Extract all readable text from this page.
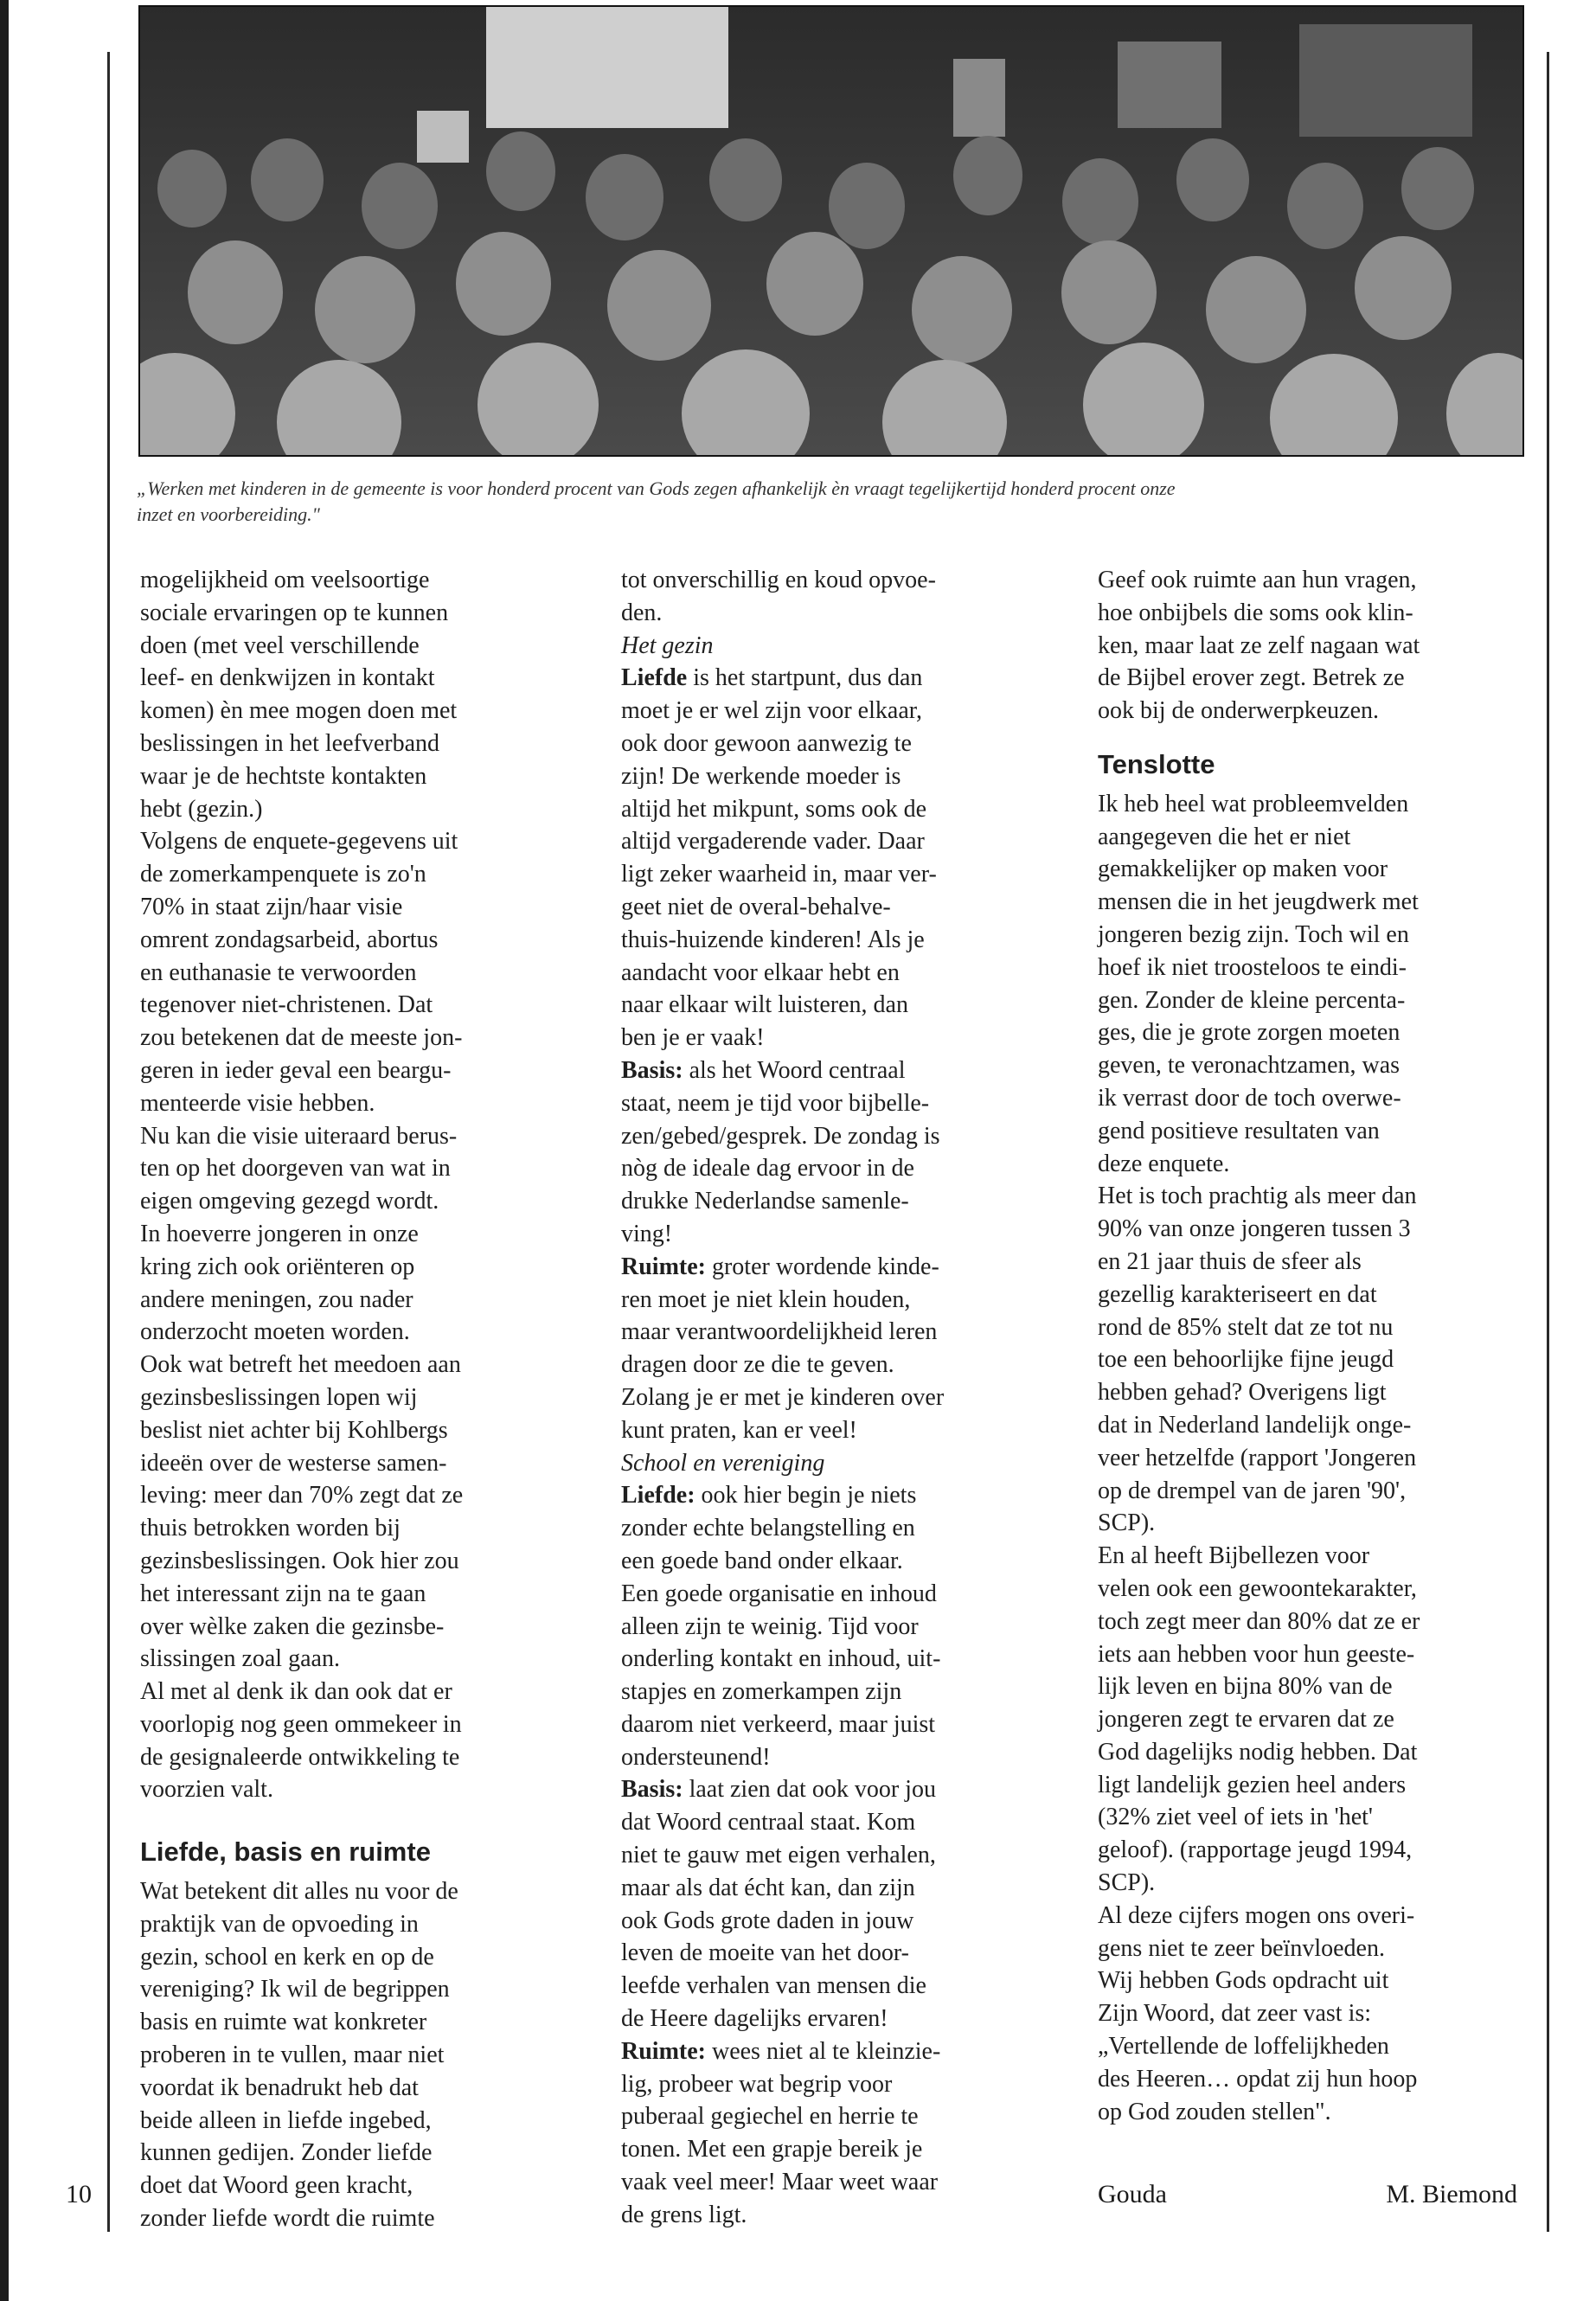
„Werken met kinderen in de gemeente is voor honderd procent van Gods zegen afhankelijk èn vraagt tegelijkertijd honderd procent onze
inzet en voorbereiding."

mogelijkheid om veelsoortige
sociale ervaringen op te kunnen
doen (met veel verschillende
leef- en denkwijzen in kontakt
komen) èn mee mogen doen met
beslissingen in het leefverband
waar je de hechtste kontakten
hebt (gezin.)

Volgens de enquete-gegevens uit
de zomerkampenquete is zo'n
70% in staat zijn/haar visie
omrent zondagsarbeid, abortus
en euthanasie te verwoorden
tegenover niet-christenen. Dat
zou betekenen dat de meeste jon-
geren in ieder geval een beargu-
menteerde visie hebben.

Nu kan die visie uiteraard berus-
ten op het doorgeven van wat in
eigen omgeving gezegd wordt.
In hoeverre jongeren in onze
kring zich ook oriënteren op
andere meningen, zou nader
onderzocht moeten worden.

Ook wat betreft het meedoen aan
gezinsbeslissingen lopen wij
beslist niet achter bij Kohlbergs
ideeën over de westerse samen-
leving: meer dan 70% zegt dat ze
thuis betrokken worden bij
gezinsbeslissingen. Ook hier zou
het interessant zijn na te gaan
over wèlke zaken die gezinsbe-
slissingen zoal gaan.

Al met al denk ik dan ook dat er
voorlopig nog geen ommekeer in
de gesignaleerde ontwikkeling te
voorzien valt.

Liefde, basis en ruimte

Wat betekent dit alles nu voor de
praktijk van de opvoeding in
gezin, school en kerk en op de
vereniging? Ik wil de begrippen
basis en ruimte wat konkreter
proberen in te vullen, maar niet
voordat ik benadrukt heb dat
beide alleen in liefde ingebed,
kunnen gedijen. Zonder liefde
doet dat Woord geen kracht,
zonder liefde wordt die ruimte

tot onverschillig en koud opvoe-
den.

Het gezin

Liefde is het startpunt, dus dan
moet je er wel zijn voor elkaar,
ook door gewoon aanwezig te
zijn! De werkende moeder is
altijd het mikpunt, soms ook de
altijd vergaderende vader. Daar
ligt zeker waarheid in, maar ver-
geet niet de overal-behalve-
thuis-huizende kinderen! Als je
aandacht voor elkaar hebt en
naar elkaar wilt luisteren, dan
ben je er vaak!

Basis: als het Woord centraal
staat, neem je tijd voor bijbelle-
zen/gebed/gesprek. De zondag is
nòg de ideale dag ervoor in de
drukke Nederlandse samenle-
ving!

Ruimte: groter wordende kinde-
ren moet je niet klein houden,
maar verantwoordelijkheid leren
dragen door ze die te geven.
Zolang je er met je kinderen over
kunt praten, kan er veel!

School en vereniging

Liefde: ook hier begin je niets
zonder echte belangstelling en
een goede band onder elkaar.
Een goede organisatie en inhoud
alleen zijn te weinig. Tijd voor
onderling kontakt en inhoud, uit-
stapjes en zomerkampen zijn
daarom niet verkeerd, maar juist
ondersteunend!

Basis: laat zien dat ook voor jou
dat Woord centraal staat. Kom
niet te gauw met eigen verhalen,
maar als dat écht kan, dan zijn
ook Gods grote daden in jouw
leven de moeite van het door-
leefde verhalen van mensen die
de Heere dagelijks ervaren!

Ruimte: wees niet al te kleinzie-
lig, probeer wat begrip voor
puberaal gegiechel en herrie te
tonen. Met een grapje bereik je
vaak veel meer! Maar weet waar
de grens ligt.

Geef ook ruimte aan hun vragen,
hoe onbijbels die soms ook klin-
ken, maar laat ze zelf nagaan wat
de Bijbel erover zegt. Betrek ze
ook bij de onderwerpkeuzen.

Tenslotte

Ik heb heel wat probleemvelden
aangegeven die het er niet
gemakkelijker op maken voor
mensen die in het jeugdwerk met
jongeren bezig zijn. Toch wil en
hoef ik niet troosteloos te eindi-
gen. Zonder de kleine percenta-
ges, die je grote zorgen moeten
geven, te veronachtzamen, was
ik verrast door de toch overwe-
gend positieve resultaten van
deze enquete.

Het is toch prachtig als meer dan
90% van onze jongeren tussen 3
en 21 jaar thuis de sfeer als
gezellig karakteriseert en dat
rond de 85% stelt dat ze tot nu
toe een behoorlijke fijne jeugd
hebben gehad? Overigens ligt
dat in Nederland landelijk onge-
veer hetzelfde (rapport 'Jongeren
op de drempel van de jaren '90',
SCP).

En al heeft Bijbellezen voor
velen ook een gewoontekarakter,
toch zegt meer dan 80% dat ze er
iets aan hebben voor hun geeste-
lijk leven en bijna 80% van de
jongeren zegt te ervaren dat ze
God dagelijks nodig hebben. Dat
ligt landelijk gezien heel anders
(32% ziet veel of iets in 'het'
geloof). (rapportage jeugd 1994,
SCP).

Al deze cijfers mogen ons overi-
gens niet te zeer beïnvloeden.
Wij hebben Gods opdracht uit
Zijn Woord, dat zeer vast is:
„Vertellende de loffelijkheden
des Heeren… opdat zij hun hoop
op God zouden stellen".

10	Gouda	M. Biemond
